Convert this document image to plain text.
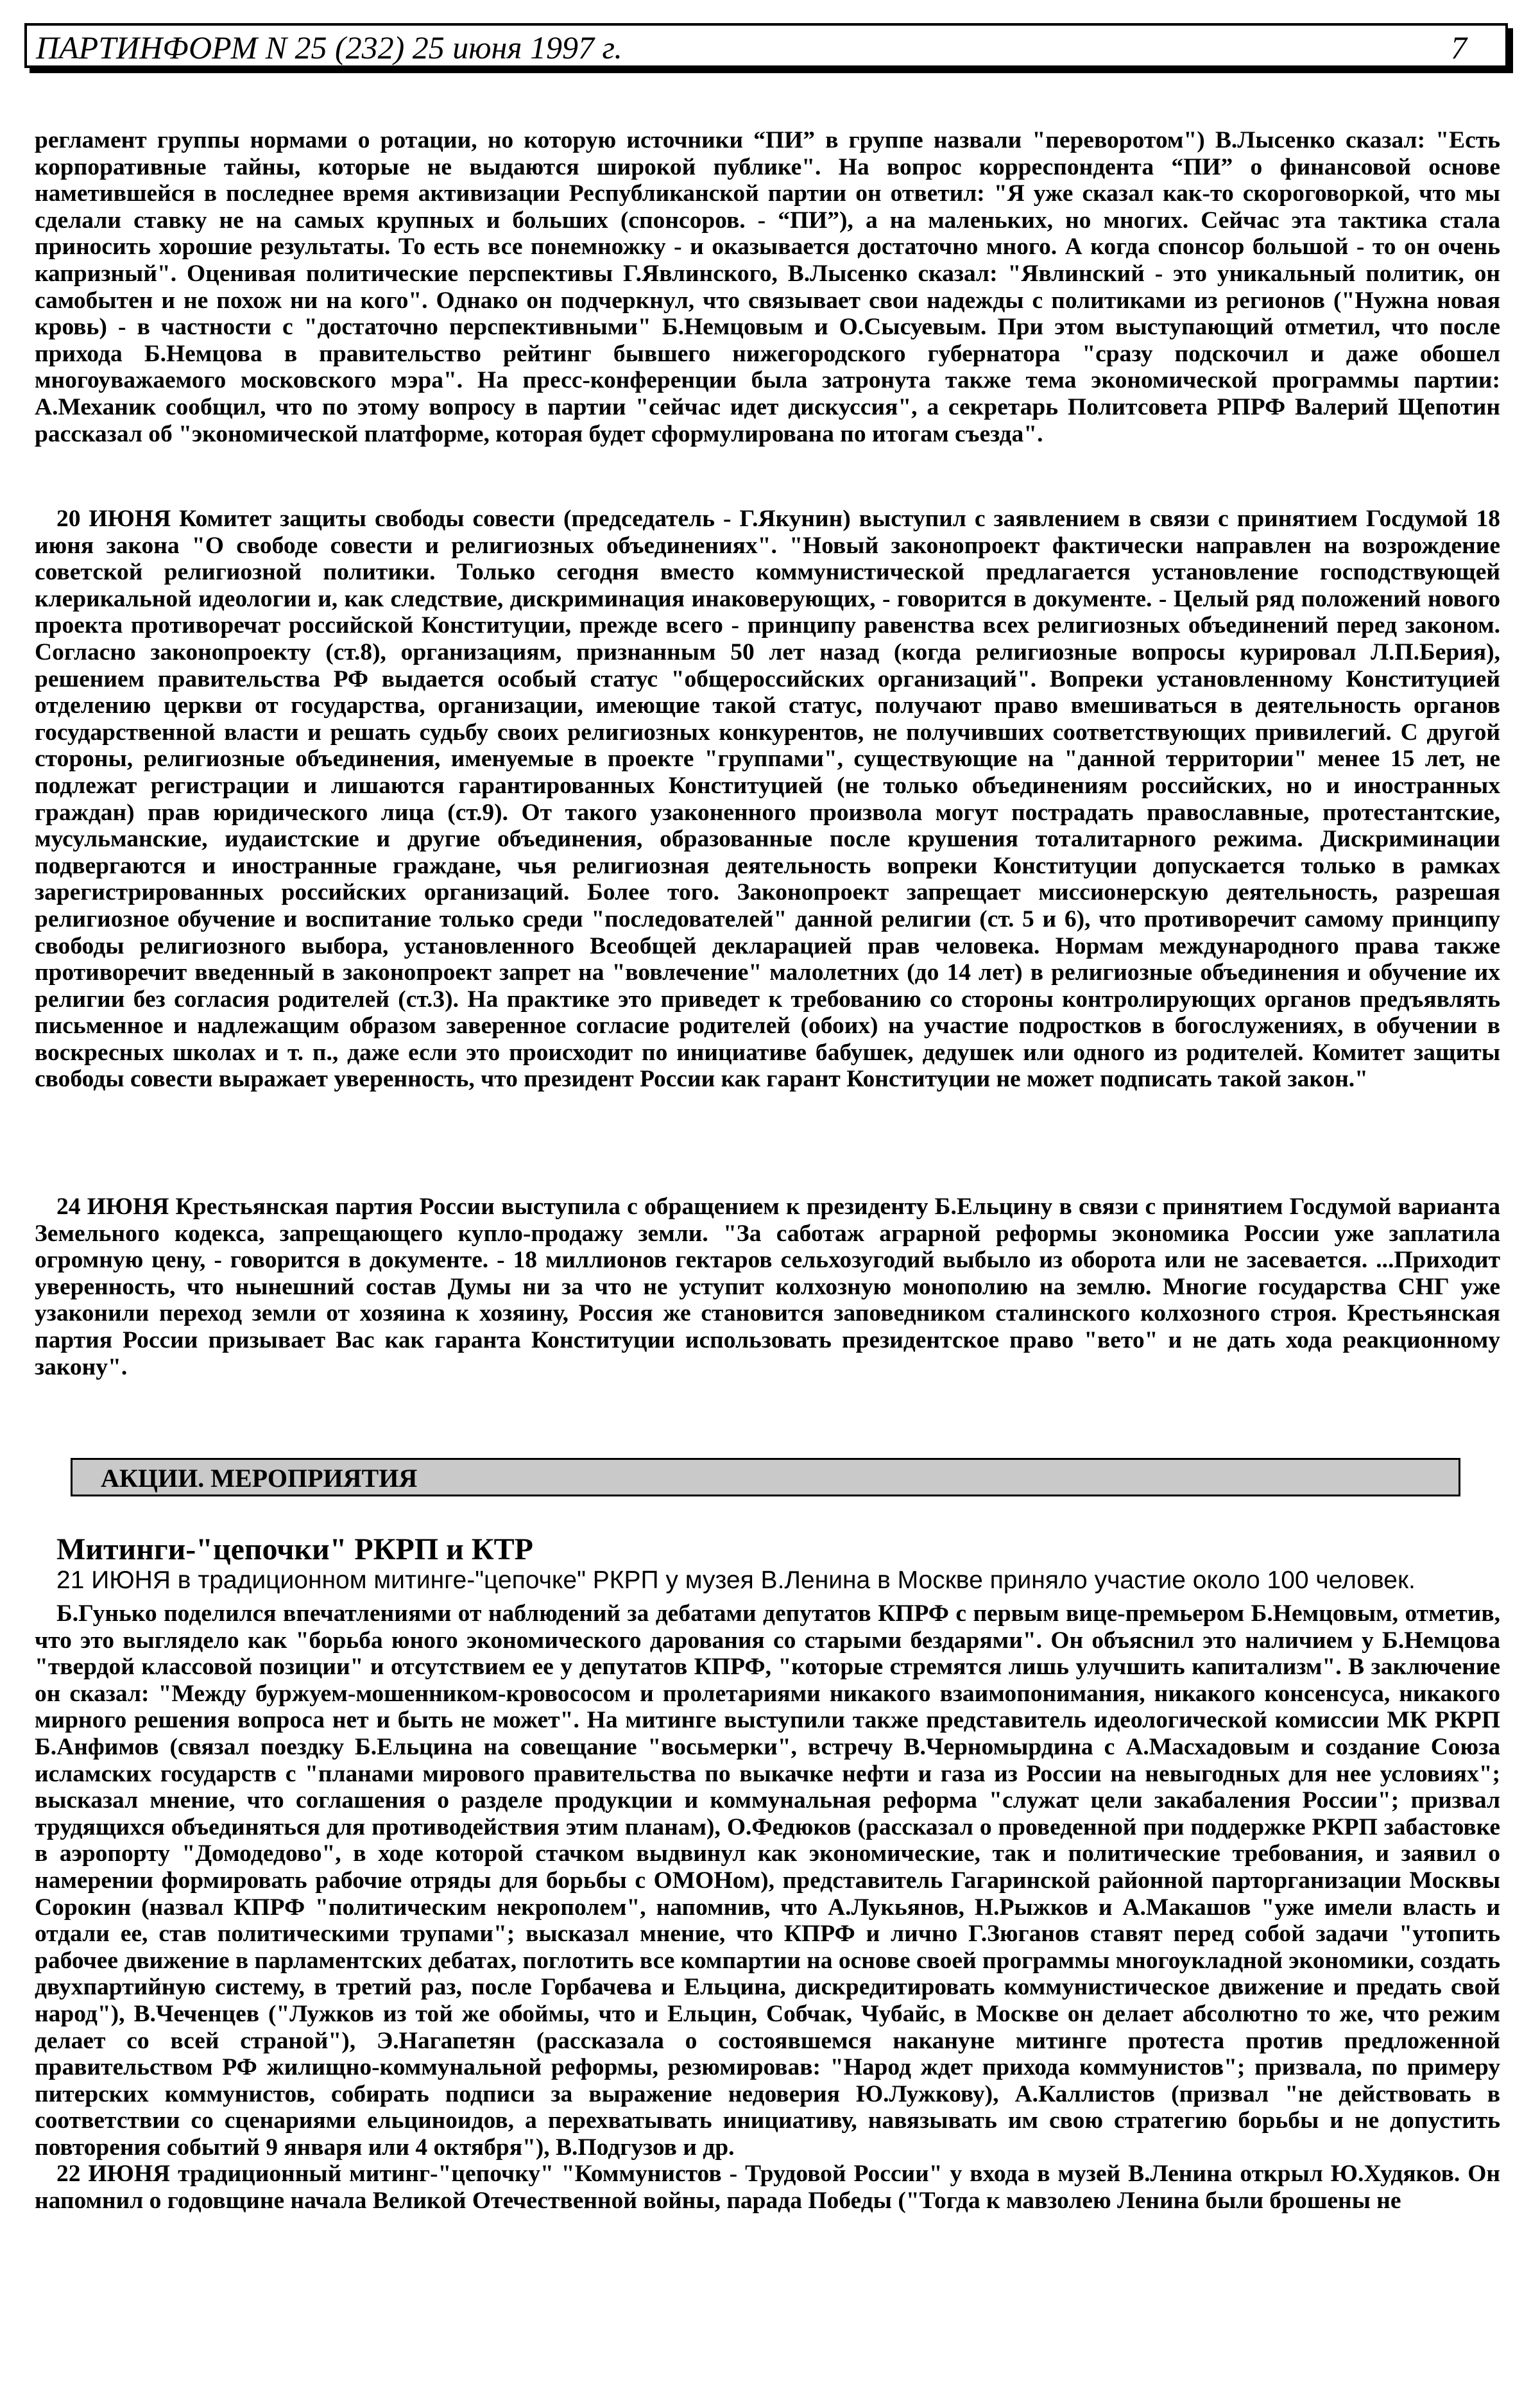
ПАРТИНФОРМ N 25 (232) 25 июня 1997 г.	7

регламент группы нормами о ротации, но которую источники “ПИ” в группе назвали "переворотом") В.Лысенко сказал: "Есть корпоративные тайны, которые не выдаются широкой публике". На вопрос корреспондента “ПИ” о финансовой основе наметившейся в последнее время активизации Республиканской партии он ответил: "Я уже сказал как-то скороговоркой, что мы сделали ставку не на самых крупных и больших (спонсоров. - “ПИ”), а на маленьких, но многих. Сейчас эта тактика стала приносить хорошие результаты. То есть все понемножку - и оказывается достаточно много. А когда спонсор большой - то он очень капризный". Оценивая политические перспективы Г.Явлинского, В.Лысенко сказал: "Явлинский - это уникальный политик, он самобытен и не похож ни на кого". Однако он подчеркнул, что связывает свои надежды с политиками из регионов ("Нужна новая кровь) - в частности с "достаточно перспективными" Б.Немцовым и О.Сысуевым. При этом выступающий отметил, что после прихода Б.Немцова в правительство рейтинг бывшего нижегородского губернатора "сразу подскочил и даже обошел многоуважаемого московского мэра". На пресс-конференции была затронута также тема экономической программы партии: А.Механик сообщил, что по этому вопросу в партии "сейчас идет дискуссия", а секретарь Политсовета РПРФ Валерий Щепотин рассказал об "экономической платформе, которая будет сформулирована по итогам съезда".

20 ИЮНЯ Комитет защиты свободы совести (председатель - Г.Якунин) выступил с заявлением в связи с принятием Госдумой 18 июня закона "О свободе совести и религиозных объединениях". "Новый законопроект фактически направлен на возрождение советской религиозной политики. Только сегодня вместо коммунистической предлагается установление господствующей клерикальной идеологии и, как следствие, дискриминация инаковерующих, - говорится в документе. - Целый ряд положений нового проекта противоречат российской Конституции, прежде всего - принципу равенства всех религиозных объединений перед законом. Согласно законопроекту (ст.8), организациям, признанным 50 лет назад (когда религиозные вопросы курировал Л.П.Берия), решением правительства РФ выдается особый статус "общероссийских организаций". Вопреки установленному Конституцией отделению церкви от государства, организации, имеющие такой статус, получают право вмешиваться в деятельность органов государственной власти и решать судьбу своих религиозных конкурентов, не получивших соответствующих привилегий. С другой стороны, религиозные объединения, именуемые в проекте "группами", существующие на "данной территории" менее 15 лет, не подлежат регистрации и лишаются гарантированных Конституцией (не только объединениям российских, но и иностранных граждан) прав юридического лица (ст.9). От такого узаконенного произвола могут пострадать православные, протестантские, мусульманские, иудаистские и другие объединения, образованные после крушения тоталитарного режима. Дискриминации подвергаются и иностранные граждане, чья религиозная деятельность вопреки Конституции допускается только в рамках зарегистрированных российских организаций. Более того. Законопроект запрещает миссионерскую деятельность, разрешая религиозное обучение и воспитание только среди "последователей" данной религии (ст. 5 и 6), что противоречит самому принципу свободы религиозного выбора, установленного Всеобщей декларацией прав человека. Нормам международного права также противоречит введенный в законопроект запрет на "вовлечение" малолетних (до 14 лет) в религиозные объединения и обучение их религии без согласия родителей (ст.3). На практике это приведет к требованию со стороны контролирующих органов предъявлять письменное и надлежащим образом заверенное согласие родителей (обоих) на участие подростков в богослужениях, в обучении в воскресных школах и т. п., даже если это происходит по инициативе бабушек, дедушек или одного из родителей. Комитет защиты свободы совести выражает уверенность, что президент России как гарант Конституции не может подписать такой закон."

24 ИЮНЯ Крестьянская партия России выступила с обращением к президенту Б.Ельцину в связи с принятием Госдумой варианта Земельного кодекса, запрещающего купло-продажу земли. "За саботаж аграрной реформы экономика России уже заплатила огромную цену, - говорится в документе. - 18 миллионов гектаров сельхозугодий выбыло из оборота или не засевается. ...Приходит уверенность, что нынешний состав Думы ни за что не уступит колхозную монополию на землю. Многие государства СНГ уже узаконили переход земли от хозяина к хозяину, Россия же становится заповедником сталинского колхозного строя. Крестьянская партия России призывает Вас как гаранта Конституции использовать президентское право "вето" и не дать хода реакционному закону".

АКЦИИ. МЕРОПРИЯТИЯ
Митинги-"цепочки" РКРП и КТР
21 ИЮНЯ в традиционном митинге-"цепочке" РКРП у музея В.Ленина в Москве приняло участие около 100 человек.

Б.Гунько поделился впечатлениями от наблюдений за дебатами депутатов КПРФ с первым вице-премьером Б.Немцовым, отметив, что это выглядело как "борьба юного экономического дарования со старыми бездарями". Он объяснил это наличием у Б.Немцова "твердой классовой позиции" и отсутствием ее у депутатов КПРФ, "которые стремятся лишь улучшить капитализм". В заключение он сказал: "Между буржуем-мошенником-кровососом и пролетариями никакого взаимопонимания, никакого консенсуса, никакого мирного решения вопроса нет и быть не может". На митинге выступили также представитель идеологической комиссии МК РКРП Б.Анфимов (связал поездку Б.Ельцина на совещание "восьмерки", встречу В.Черномырдина с А.Масхадовым и создание Союза исламских государств с "планами мирового правительства по выкачке нефти и газа из России на невыгодных для нее условиях"; высказал мнение, что соглашения о разделе продукции и коммунальная реформа "служат цели закабаления России"; призвал трудящихся объединяться для противодействия этим планам), О.Федюков (рассказал о проведенной при поддержке РКРП забастовке в аэропорту "Домодедово", в ходе которой стачком выдвинул как экономические, так и политические требования, и заявил о намерении формировать рабочие отряды для борьбы с ОМОНом), представитель Гагаринской районной парторганизации Москвы Сорокин (назвал КПРФ "политическим некрополем", напомнив, что А.Лукьянов, Н.Рыжков и А.Макашов "уже имели власть и отдали ее, став политическими трупами"; высказал мнение, что КПРФ и лично Г.Зюганов ставят перед собой задачи "утопить рабочее движение в парламентских дебатах, поглотить все компартии на основе своей программы многоукладной экономики, создать двухпартийную систему, в третий раз, после Горбачева и Ельцина, дискредитировать коммунистическое движение и предать свой народ"), В.Чеченцев ("Лужков из той же обоймы, что и Ельцин, Собчак, Чубайс, в Москве он делает абсолютно то же, что режим делает со всей страной"), Э.Нагапетян (рассказала о состоявшемся накануне митинге протеста против предложенной правительством РФ жилищно-коммунальной реформы, резюмировав: "Народ ждет прихода коммунистов"; призвала, по примеру питерских коммунистов, собирать подписи за выражение недоверия Ю.Лужкову), А.Каллистов (призвал "не действовать в соответствии со сценариями ельциноидов, а перехватывать инициативу, навязывать им свою стратегию борьбы и не допустить повторения событий 9 января или 4 октября"), В.Подгузов и др.

22 ИЮНЯ традиционный митинг-"цепочку" "Коммунистов - Трудовой России" у входа в музей В.Ленина открыл Ю.Худяков. Он напомнил о годовщине начала Великой Отечественной войны, парада Победы ("Тогда к мавзолею Ленина были брошены не
